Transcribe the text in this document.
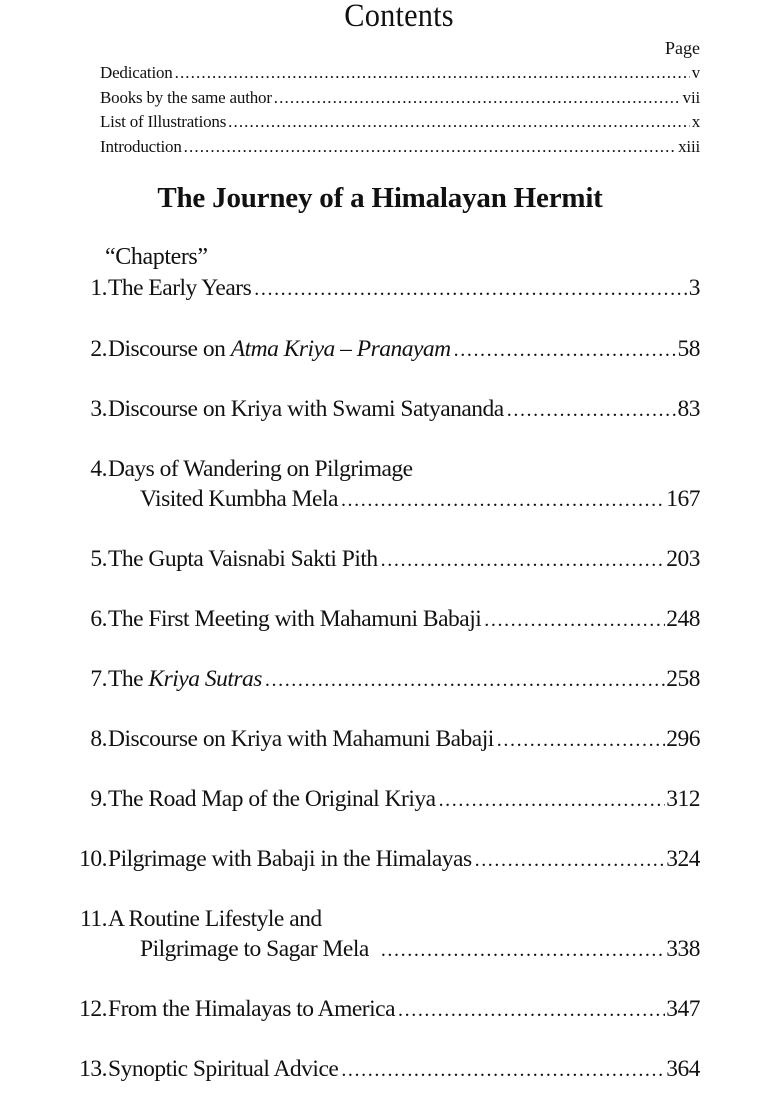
Contents
Page
Dedication .....	v
Books by the same author .....	vii
List of Illustrations .....	x
Introduction .....	xiii
The Journey of a Himalayan Hermit
“Chapters”
1. The Early Years .....	3
2. Discourse on Atma Kriya – Pranayam .....	58
3. Discourse on Kriya with Swami Satyananda .....	83
4. Days of Wandering on Pilgrimage
Visited Kumbha Mela .....	167
5. The Gupta Vaisnabi Sakti Pith .....	203
6. The First Meeting with Mahamuni Babaji .....	248
7. The Kriya Sutras .....	258
8. Discourse on Kriya with Mahamuni Babaji .....	296
9. The Road Map of the Original Kriya .....	312
10. Pilgrimage with Babaji in the Himalayas .....	324
11. A Routine Lifestyle and
Pilgrimage to Sagar Mela .....	338
12. From the Himalayas to America .....	347
13. Synoptic Spiritual Advice .....	364
